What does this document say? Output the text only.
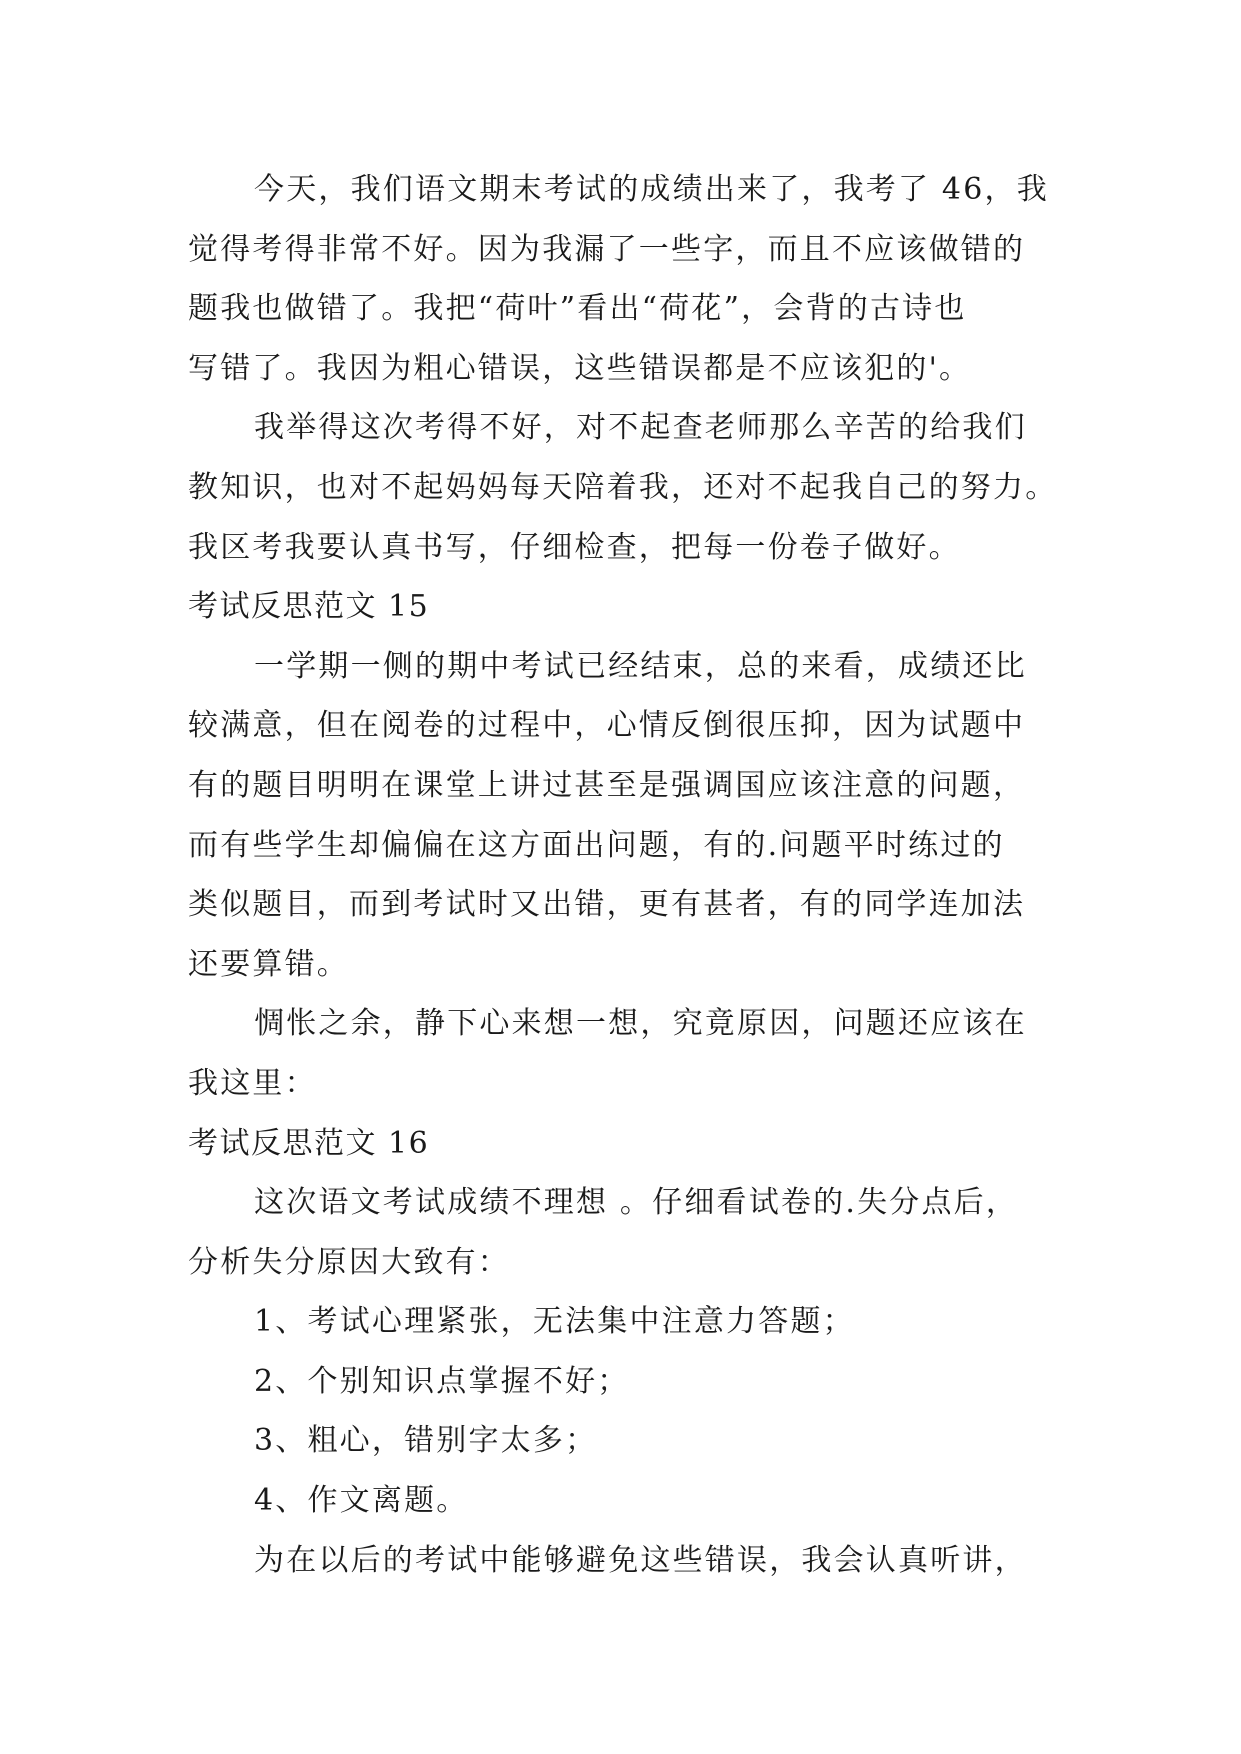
今天，我们语文期末考试的成绩出来了，我考了 46，我
觉得考得非常不好。因为我漏了一些字，而且不应该做错的
题我也做错了。我把“荷叶”看出“荷花”，会背的古诗也
写错了。我因为粗心错误，这些错误都是不应该犯的'。
我举得这次考得不好，对不起查老师那么辛苦的给我们
教知识，也对不起妈妈每天陪着我，还对不起我自己的努力。
我区考我要认真书写，仔细检查，把每一份卷子做好。
考试反思范文 15
一学期一侧的期中考试已经结束，总的来看，成绩还比
较满意，但在阅卷的过程中，心情反倒很压抑，因为试题中
有的题目明明在课堂上讲过甚至是强调国应该注意的问题，
而有些学生却偏偏在这方面出问题，有的.问题平时练过的
类似题目，而到考试时又出错，更有甚者，有的同学连加法
还要算错。
惆怅之余，静下心来想一想，究竟原因，问题还应该在
我这里：
考试反思范文 16
这次语文考试成绩不理想 。仔细看试卷的.失分点后，
分析失分原因大致有：
1、考试心理紧张，无法集中注意力答题；
2、个别知识点掌握不好；
3、粗心，错别字太多；
4、作文离题。
为在以后的考试中能够避免这些错误，我会认真听讲，
